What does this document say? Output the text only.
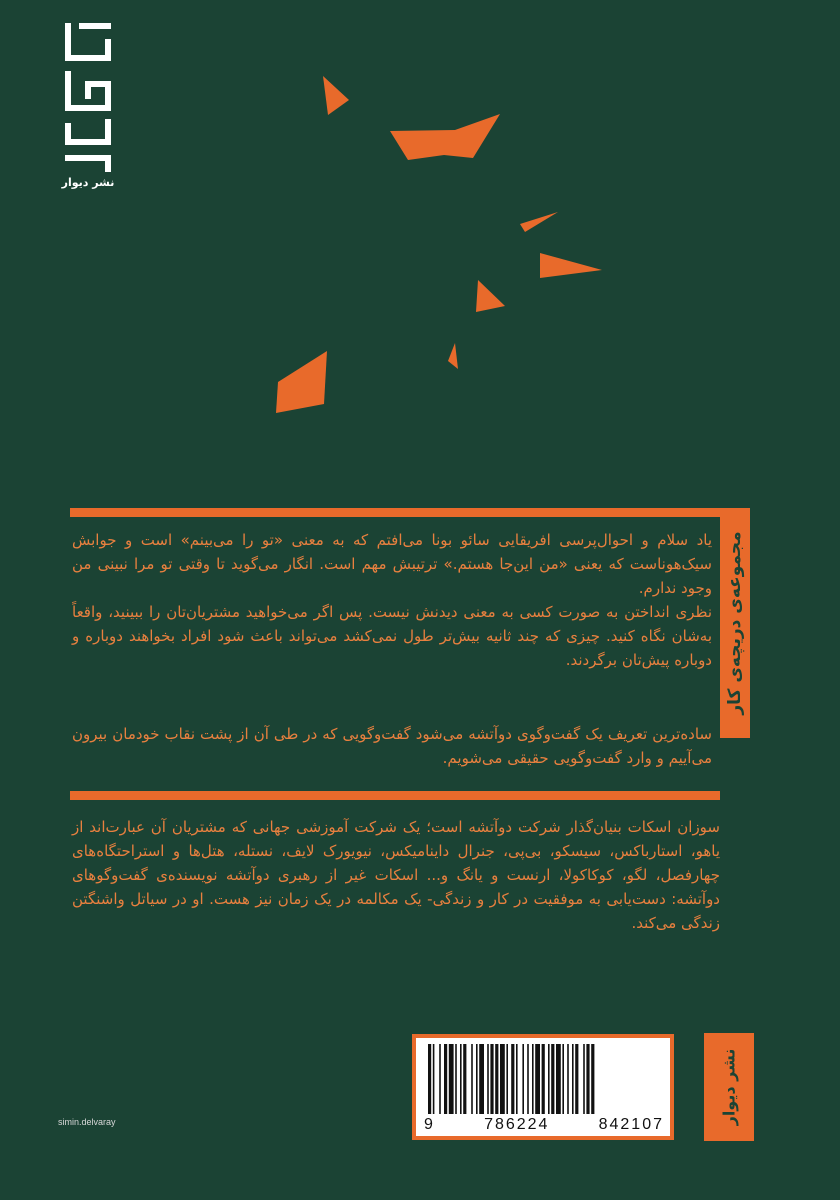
نشر دیوار
مجموعه‌ی دریچه‌ی کار

یاد سلام و احوال‌پرسی افریقایی سائو بونا می‌افتم که به معنی «تو را می‌بینم» است و جوابش سیک‌هوناست که یعنی «من این‌جا هستم.» ترتیبش مهم است. انگار می‌گوید تا وقتی تو مرا نبینی من وجود ندارم.

نظری انداختن به صورت کسی به معنی دیدنش نیست. پس اگر می‌خواهید مشتریان‌تان را ببینید، واقعاً به‌شان نگاه کنید. چیزی که چند ثانیه بیش‌تر طول نمی‌کشد می‌تواند باعث شود افراد بخواهند دوباره و دوباره پیش‌تان برگردند.

ساده‌ترین تعریف یک گفت‌وگوی دوآتشه می‌شود گفت‌وگویی که در طی آن از پشت نقاب خودمان بیرون می‌آییم و وارد گفت‌وگویی حقیقی می‌شویم.
سوزان اسکات بنیان‌گذار شرکت دوآتشه است؛ یک شرکت آموزشی جهانی که مشتریان آن عبارت‌اند از یاهو، استارباکس، سیسکو، بی‌پی، جنرال داینامیکس، نیویورک لایف، نستله، هتل‌ها و استراحتگاه‌های چهارفصل، لگو، کوکاکولا، ارنست و یانگ و... اسکات غیر از رهبری دوآتشه نویسنده‌ی گفت‌وگوهای دوآتشه: دست‌یابی به موفقیت در کار و زندگی- یک مکالمه در یک زمان نیز هست. او در سیاتل واشنگتن زندگی می‌کند.
9	786224	842107	نشر دیوار
simin.delvaray
